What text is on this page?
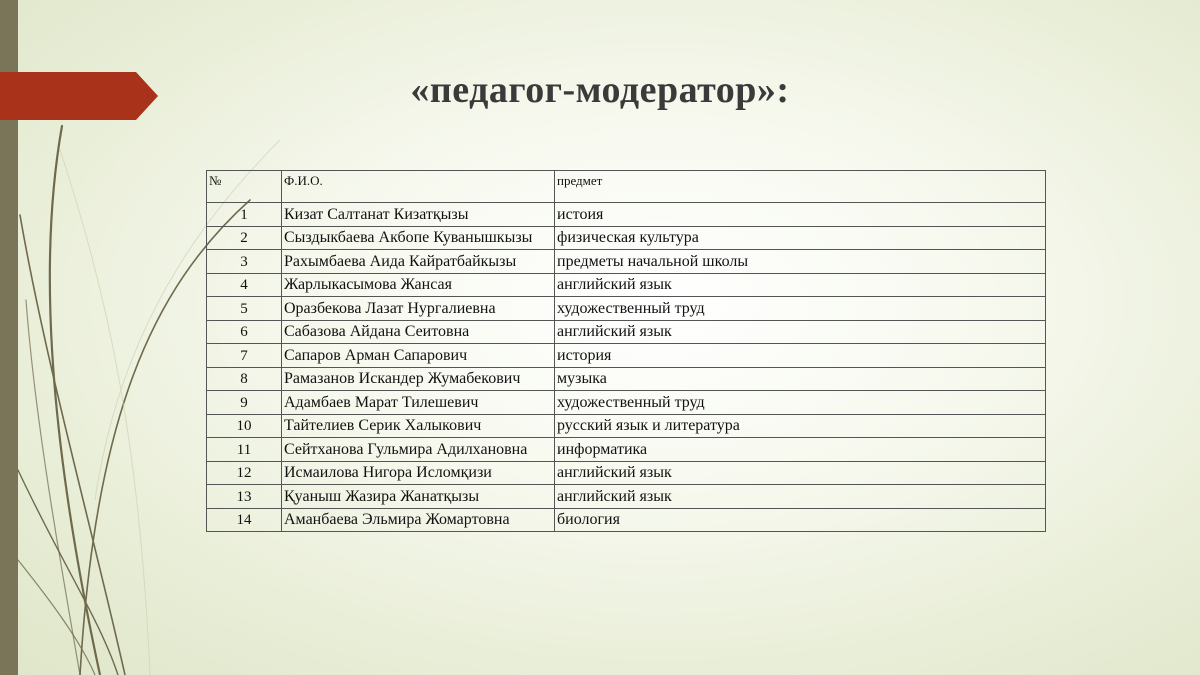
«педагог-модератор»:
№	Ф.И.О.	предмет
1	Кизат Салтанат Кизатқызы	истоия
2	Сыздыкбаева Акбопе Куванышкызы	физическая культура
3	Рахымбаева Аида Кайратбайкызы	предметы начальной школы
4	Жарлыкасымова Жансая	английский язык
5	Оразбекова Лазат Нургалиевна	художественный труд
6	Сабазова Айдана Сеитовна	английский язык
7	Сапаров Арман Сапарович	история
8	Рамазанов Искандер Жумабекович	музыка
9	Адамбаев Марат Тилешевич	художественный труд
10	Тайтелиев Серик Халыкович	русский язык и литература
11	Сейтханова Гульмира Адилхановна	информатика
12	Исмаилова Нигора Исломқизи	английский язык
13	Қуаныш Жазира Жанатқызы	английский язык
14	Аманбаева Эльмира Жомартовна	биология
